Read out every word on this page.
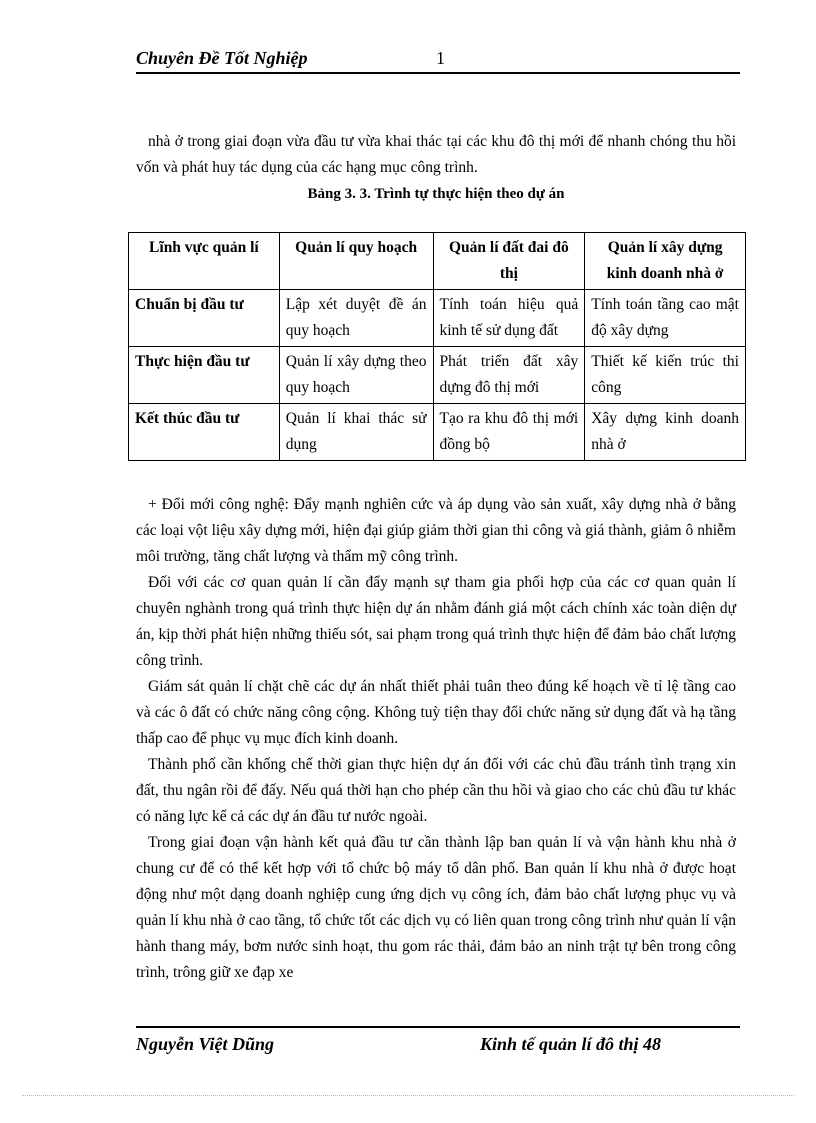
Chuyên Đề Tốt Nghiệp	1

nhà ở trong giai đoạn vừa đầu tư vừa khai thác tại các khu đô thị mới để nhanh chóng thu hồi vốn và phát huy tác dụng của các hạng mục công trình.

Bảng 3. 3. Trình tự thực hiện theo dự án
Lĩnh vực quản lí	Quản lí quy hoạch	Quản lí đất đai đô thị	Quản lí xây dựng kinh doanh nhà ở
Chuẩn bị đầu tư	Lập xét duyệt đề án quy hoạch	Tính toán hiệu quả kinh tế sử dụng đất	Tính toán tầng cao mật độ xây dựng
Thực hiện đầu tư	Quản lí xây dựng theo quy hoạch	Phát triển đất xây dựng đô thị mới	Thiết kế kiến trúc thi công
Kết thúc đầu tư	Quản lí khai thác sử dụng	Tạo ra khu đô thị mới đồng bộ	Xây dựng kinh doanh nhà ở

+ Đổi mới công nghệ: Đẩy mạnh nghiên cức và áp dụng vào sản xuất, xây dựng nhà ở bằng các loại vột liệu xây dựng mới, hiện đại giúp giảm thời gian thi công và giá thành, giảm ô nhiễm môi trường, tăng chất lượng và thẩm mỹ công trình.

Đối với các cơ quan quản lí cần đẩy mạnh sự tham gia phối hợp của các cơ quan quản lí chuyên nghành trong quá trình thực hiện dự án nhằm đánh giá một cách chính xác toàn diện dự án, kịp thời phát hiện những thiếu sót, sai phạm trong quá trình thực hiện để đảm bảo chất lượng công trình.

Giám sát quản lí chặt chẽ các dự án nhất thiết phải tuân theo đúng kế hoạch về tỉ lệ tầng cao và các ô đất có chức năng công cộng. Không tuỳ tiện thay đổi chức năng sử dụng đất và hạ tầng thấp cao để phục vụ mục đích kinh doanh.

Thành phố cần khống chế thời gian thực hiện dự án đối với các chủ đầu tránh tình trạng xin đất, thu ngân rồi để đấy. Nếu quá thời hạn cho phép cần thu hồi và giao cho các chủ đầu tư khác có năng lực kể cả các dự án đầu tư nước ngoài.

Trong giai đoạn vận hành kết quả đầu tư cần thành lập ban quản lí và vận hành khu nhà ở chung cư để có thể kết hợp với tổ chức bộ máy tổ dân phố. Ban quản lí khu nhà ở được hoạt động như một dạng doanh nghiệp cung ứng dịch vụ công ích, đảm bảo chất lượng phục vụ và quản lí khu nhà ở cao tầng, tổ chức tốt các dịch vụ có liên quan trong công trình như quản lí vận hành thang máy, bơm nước sinh hoạt, thu gom rác thải, đảm bảo an ninh trật tự bên trong công trình, trông giữ xe đạp xe

Nguyễn Việt Dũng	Kinh tế quản lí đô thị 48
